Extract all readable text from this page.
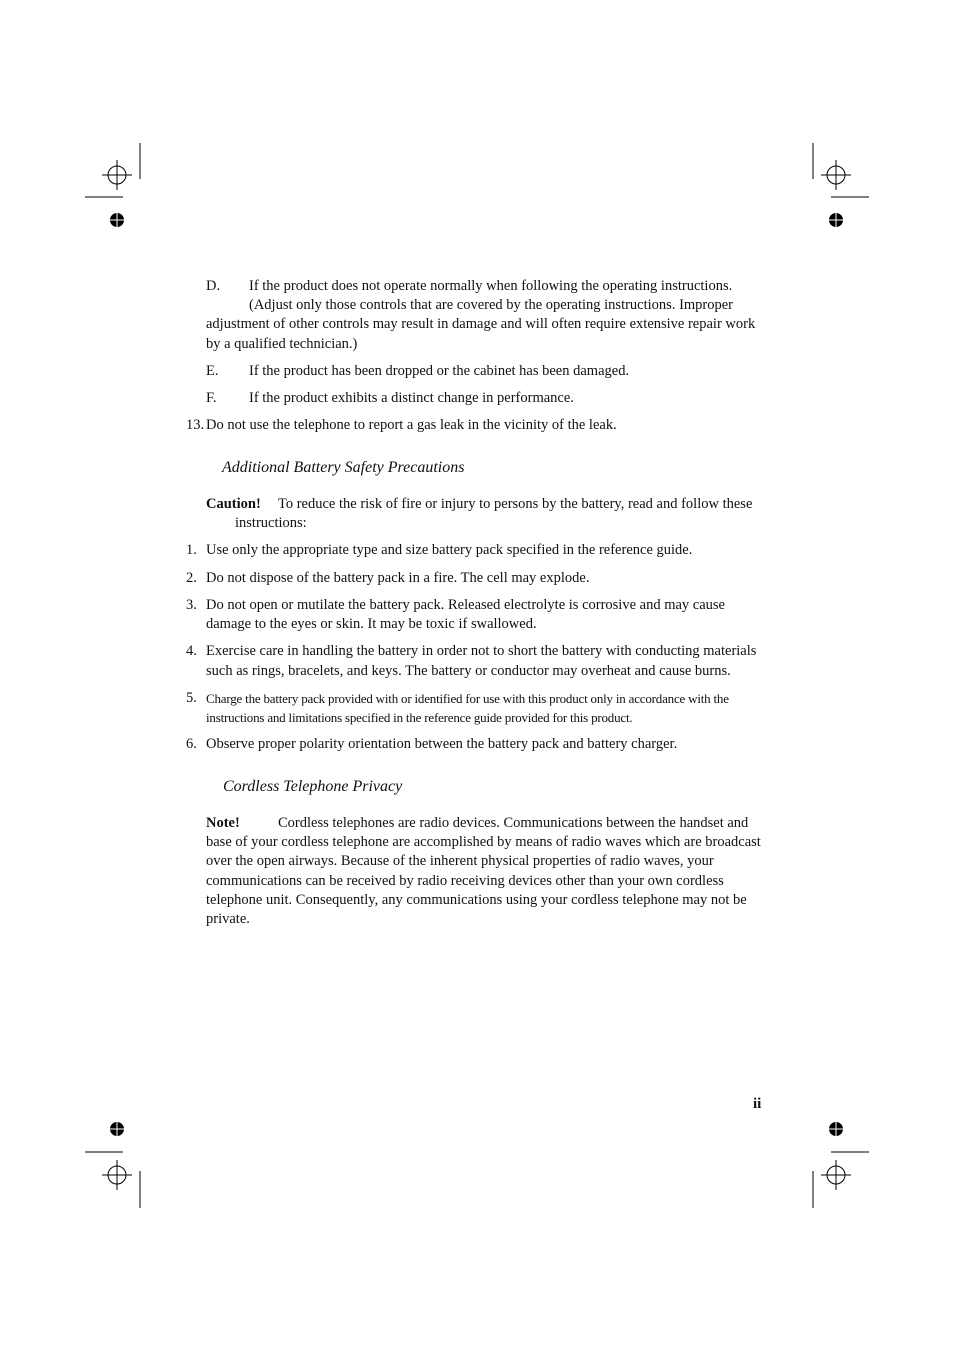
D. If the product does not operate normally when following the operating instructions.
(Adjust only those controls that are covered by the operating instructions. Improper
adjustment of other controls may result in damage and will often require extensive repair work
by a qualified technician.)
E. If the product has been dropped or the cabinet has been damaged.
F. If the product exhibits a distinct change in performance.
13. Do not use the telephone to report a gas leak in the vicinity of the leak.
Additional Battery Safety Precautions
Caution! To reduce the risk of fire or injury to persons by the battery, read and follow these
instructions:
1. Use only the appropriate type and size battery pack specified in the reference guide.
2. Do not dispose of the battery pack in a fire. The cell may explode.
3. Do not open or mutilate the battery pack. Released electrolyte is corrosive and may cause
damage to the eyes or skin. It may be toxic if swallowed.
4. Exercise care in handling the battery in order not to short the battery with conducting materials
such as rings, bracelets, and keys. The battery or conductor may overheat and cause burns.
5. Charge the battery pack provided with or identified for use with this product only in accordance with the
instructions and limitations specified in the reference guide provided for this product.
6. Observe proper polarity orientation between the battery pack and battery charger.
Cordless Telephone Privacy
Note!	Cordless telephones are radio devices. Communications between the handset and
base of your cordless telephone are accomplished by means of radio waves which are broadcast
over the open airways. Because of the inherent physical properties of radio waves, your
communications can be received by radio receiving devices other than your own cordless
telephone unit. Consequently, any communications using your cordless telephone may not be
private.
ii
